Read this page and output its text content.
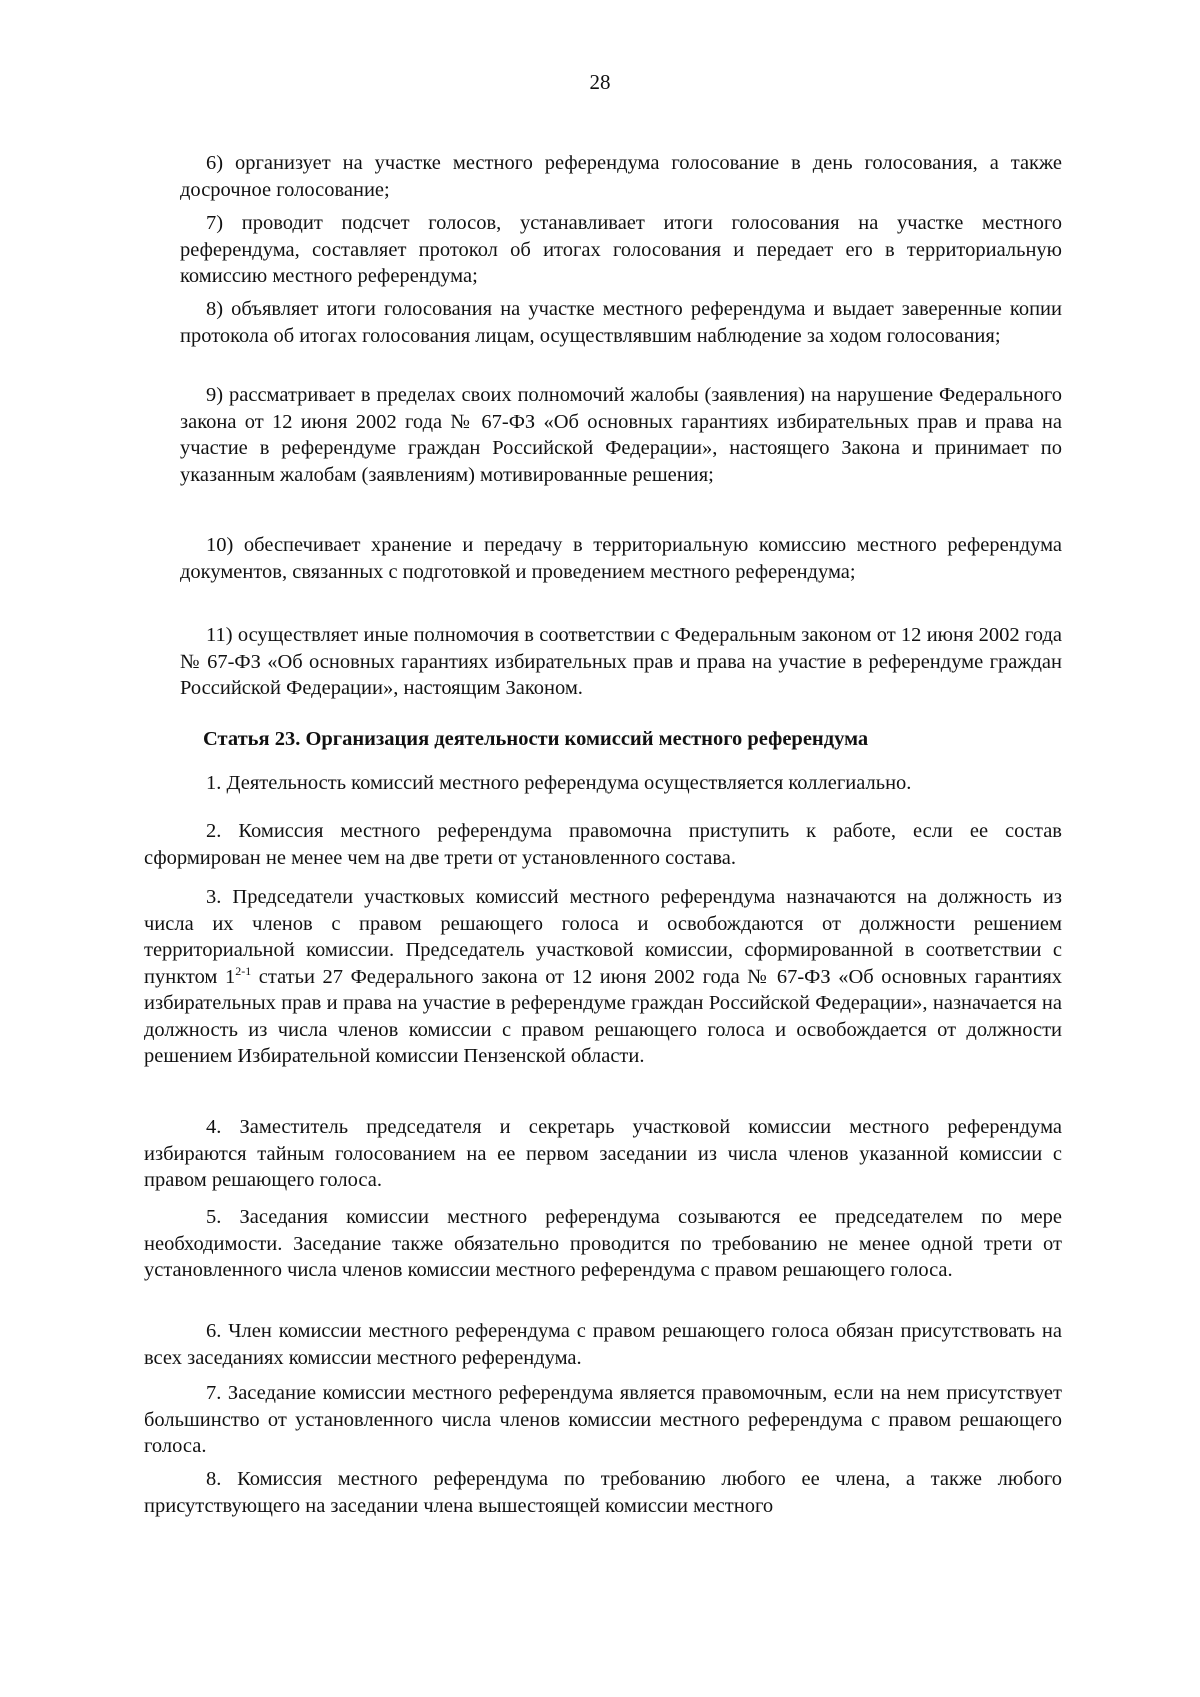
28

6) организует на участке местного референдума голосование в день голосования, а также досрочное голосование;

7) проводит подсчет голосов, устанавливает итоги голосования на участке местного референдума, составляет протокол об итогах голосования и передает его в территориальную комиссию местного референдума;

8) объявляет итоги голосования на участке местного референдума и выдает заверенные копии протокола об итогах голосования лицам, осуществлявшим наблюдение за ходом голосования;

9) рассматривает в пределах своих полномочий жалобы (заявления) на нарушение Федерального закона от 12 июня 2002 года № 67-ФЗ «Об основных гарантиях избирательных прав и права на участие в референдуме граждан Российской Федерации», настоящего Закона и принимает по указанным жалобам (заявлениям) мотивированные решения;

10) обеспечивает хранение и передачу в территориальную комиссию местного референдума документов, связанных с подготовкой и проведением местного референдума;

11) осуществляет иные полномочия в соответствии с Федеральным законом от 12 июня 2002 года № 67-ФЗ «Об основных гарантиях избирательных прав и права на участие в референдуме граждан Российской Федерации», настоящим Законом.

Статья 23. Организация деятельности комиссий местного референдума

1. Деятельность комиссий местного референдума осуществляется коллегиально.

2. Комиссия местного референдума правомочна приступить к работе, если ее состав сформирован не менее чем на две трети от установленного состава.

3. Председатели участковых комиссий местного референдума назначаются на должность из числа их членов с правом решающего голоса и освобождаются от должности решением территориальной комиссии. Председатель участковой комиссии, сформированной в соответствии с пунктом 1$^{2-1}$ статьи 27 Федерального закона от 12 июня 2002 года № 67-ФЗ «Об основных гарантиях избирательных прав и права на участие в референдуме граждан Российской Федерации», назначается на должность из числа членов комиссии с правом решающего голоса и освобождается от должности решением Избирательной комиссии Пензенской области.

4. Заместитель председателя и секретарь участковой комиссии местного референдума избираются тайным голосованием на ее первом заседании из числа членов указанной комиссии с правом решающего голоса.

5. Заседания комиссии местного референдума созываются ее председателем по мере необходимости. Заседание также обязательно проводится по требованию не менее одной трети от установленного числа членов комиссии местного референдума с правом решающего голоса.

6. Член комиссии местного референдума с правом решающего голоса обязан присутствовать на всех заседаниях комиссии местного референдума.

7. Заседание комиссии местного референдума является правомочным, если на нем присутствует большинство от установленного числа членов комиссии местного референдума с правом решающего голоса.

8. Комиссия местного референдума по требованию любого ее члена, а также любого присутствующего на заседании члена вышестоящей комиссии местного
